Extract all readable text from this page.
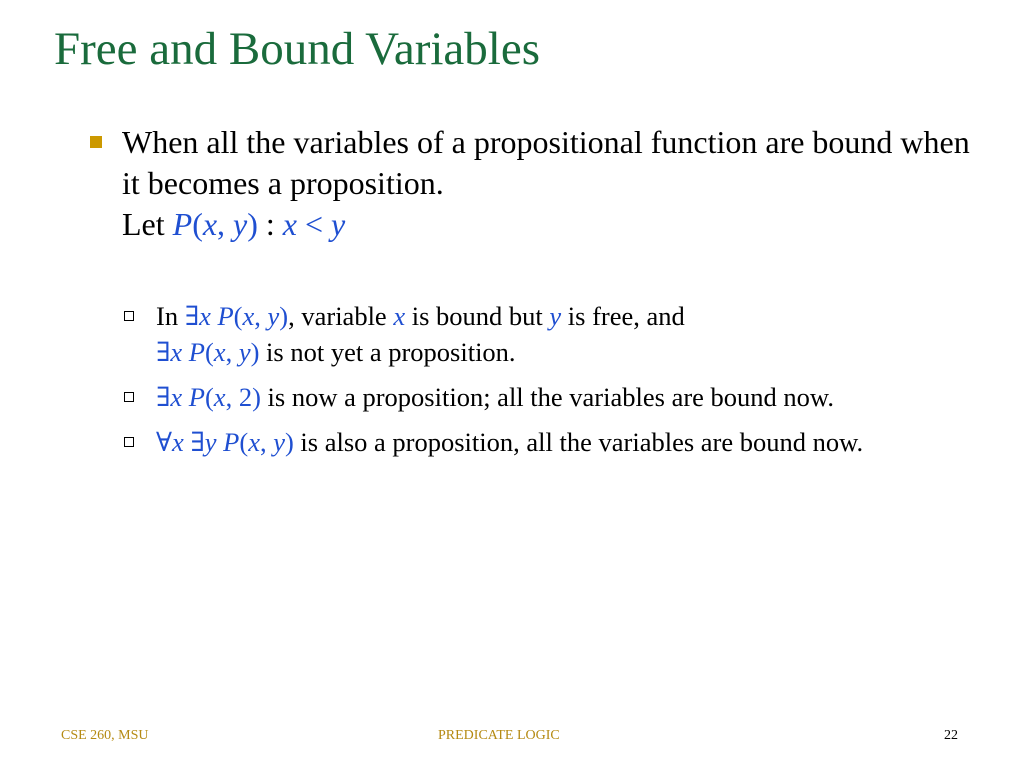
Free and Bound Variables
When all the variables of a propositional function are bound when it becomes a proposition.
Let P(x, y) : x < y
In ∃x P(x, y), variable x is bound but y is free, and
∃x P(x, y) is not yet a proposition.
∃x P(x, 2) is now a proposition; all the variables are bound now.
∀x ∃y P(x, y) is also a proposition, all the variables are bound now.
CSE 260, MSU	PREDICATE LOGIC	22
